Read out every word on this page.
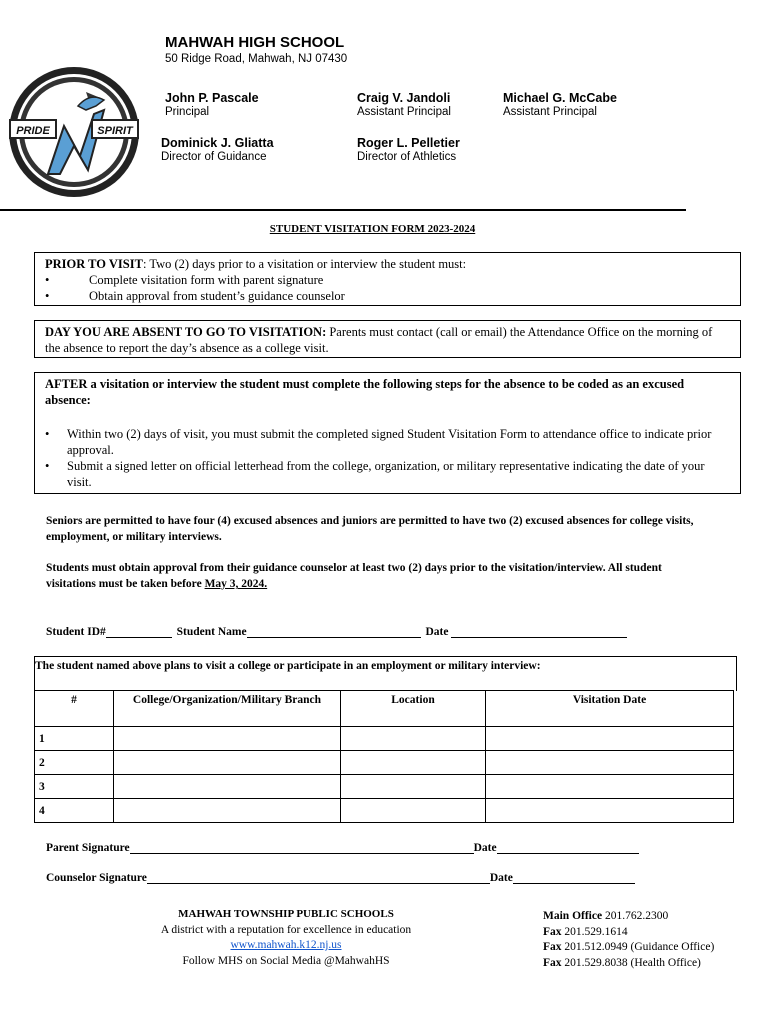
PRIDE	SPIRIT
MAHWAH HIGH SCHOOL
50 Ridge Road, Mahwah, NJ 07430
John P. Pascale
Principal
Craig V. Jandoli
Assistant Principal
Michael G. McCabe
Assistant Principal
Dominick J. Gliatta
Director of Guidance
Roger L. Pelletier
Director of Athletics
STUDENT VISITATION FORM 2023-2024

PRIOR TO VISIT: Two (2) days prior to a visitation or interview the student must:

•	Complete visitation form with parent signature
•	Obtain approval from student’s guidance counselor

DAY YOU ARE ABSENT TO GO TO VISITATION: Parents must contact (call or email) the Attendance Office on the morning of the absence to report the day’s absence as a college visit.

AFTER a visitation or interview the student must complete the following steps for the absence to be coded as an excused absence:

•	Within two (2) days of visit, you must submit the completed signed Student Visitation Form to attendance office to indicate prior approval.
•	Submit a signed letter on official letterhead from the college, organization, or military representative indicating the date of your visit.
Seniors are permitted to have four (4) excused absences and juniors are permitted to have two (2) excused absences for college visits, employment, or military interviews.
Students must obtain approval from their guidance counselor at least two (2) days prior to the visitation/interview. All student visitations must be taken before May 3, 2024.
Student ID#	Student Name	Date
The student named above plans to visit a college or participate in an employment or military interview:
#	College/Organization/Military Branch	Location	Visitation Date
1			
2			
3			
4			
Parent Signature	Date
Counselor Signature	Date
MAHWAH TOWNSHIP PUBLIC SCHOOLS
A district with a reputation for excellence in education
www.mahwah.k12.nj.us
Follow MHS on Social Media @MahwahHS
Main Office 201.762.2300
Fax 201.529.1614
Fax 201.512.0949 (Guidance Office)
Fax 201.529.8038 (Health Office)
